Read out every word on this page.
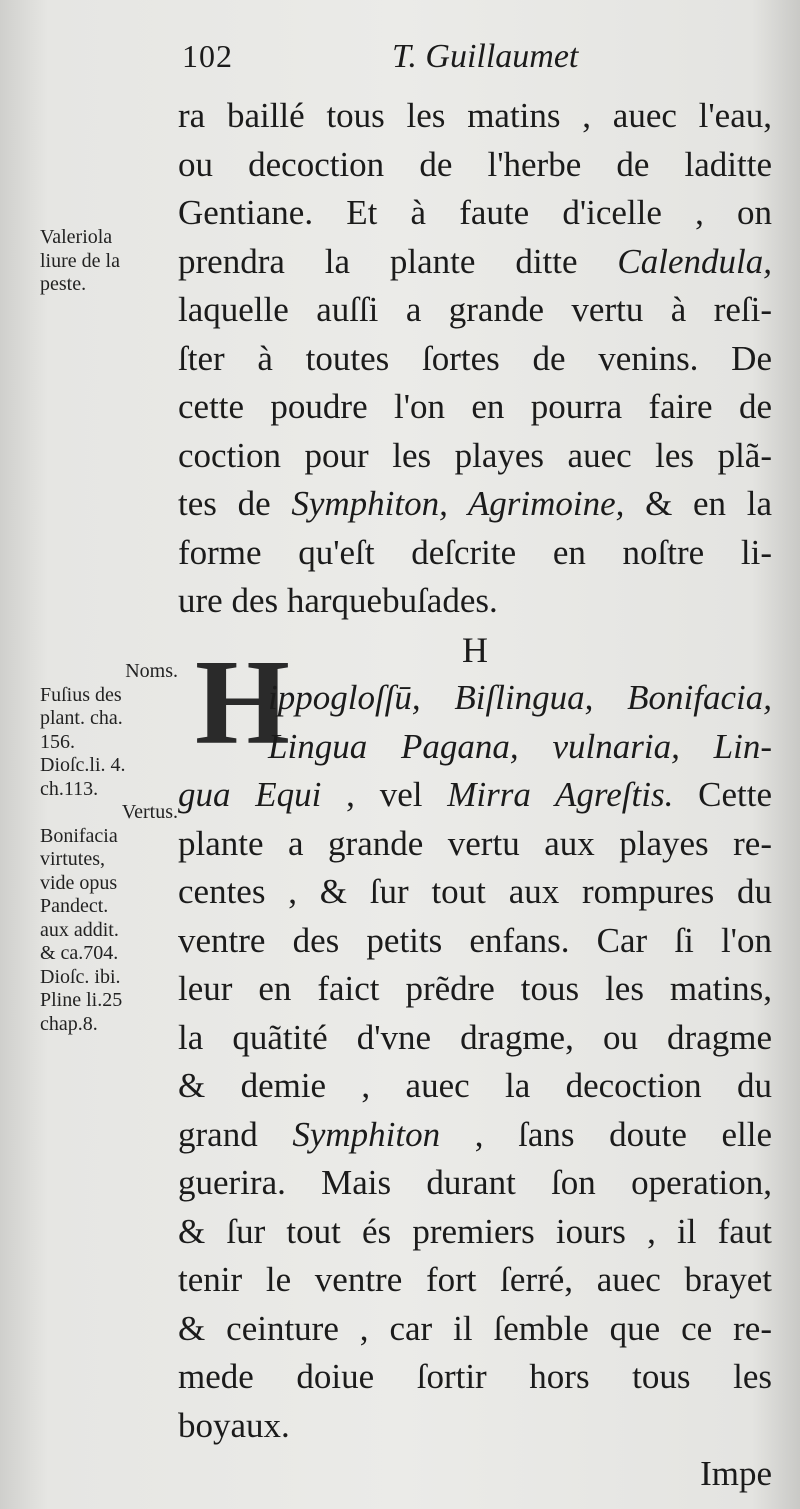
102	T. Guillaumet
Valeriola
liure de la
peste.
Noms.
Fuſius des
plant. cha.
156.
Dioſc.li. 4.
ch.113.
Vertus.
Bonifacia
virtutes,
vide opus
Pandect.
aux addit.
& ca.704.
Dioſc. ibi.
Pline li.25
chap.8.
H
ra baillé tous les matins , auec l'eau,
ou decoction de l'herbe de laditte
Gentiane. Et à faute d'icelle , on
prendra la plante ditte Calendula,
laquelle auſſi a grande vertu à reſi-
ſter à toutes ſortes de venins. De
cette poudre l'on en pourra faire de
coction pour les playes auec les plã-
tes de Symphiton, Agrimoine, & en la
forme qu'eſt deſcrite en noſtre li-
ure des harquebuſades.
H
ippogloſſū, Biſlingua, Bonifacia,
Lingua Pagana, vulnaria, Lin-
gua Equi , vel Mirra Agreſtis. Cette
plante a grande vertu aux playes re-
centes , & ſur tout aux rompures du
ventre des petits enfans. Car ſi l'on
leur en faict prẽdre tous les matins,
la quãtité d'vne dragme, ou dragme
& demie , auec la decoction du
grand Symphiton , ſans doute elle
guerira. Mais durant ſon operation,
& ſur tout és premiers iours , il faut
tenir le ventre fort ſerré, auec brayet
& ceinture , car il ſemble que ce re-
mede doiue ſortir hors tous les
boyaux.
Impe
